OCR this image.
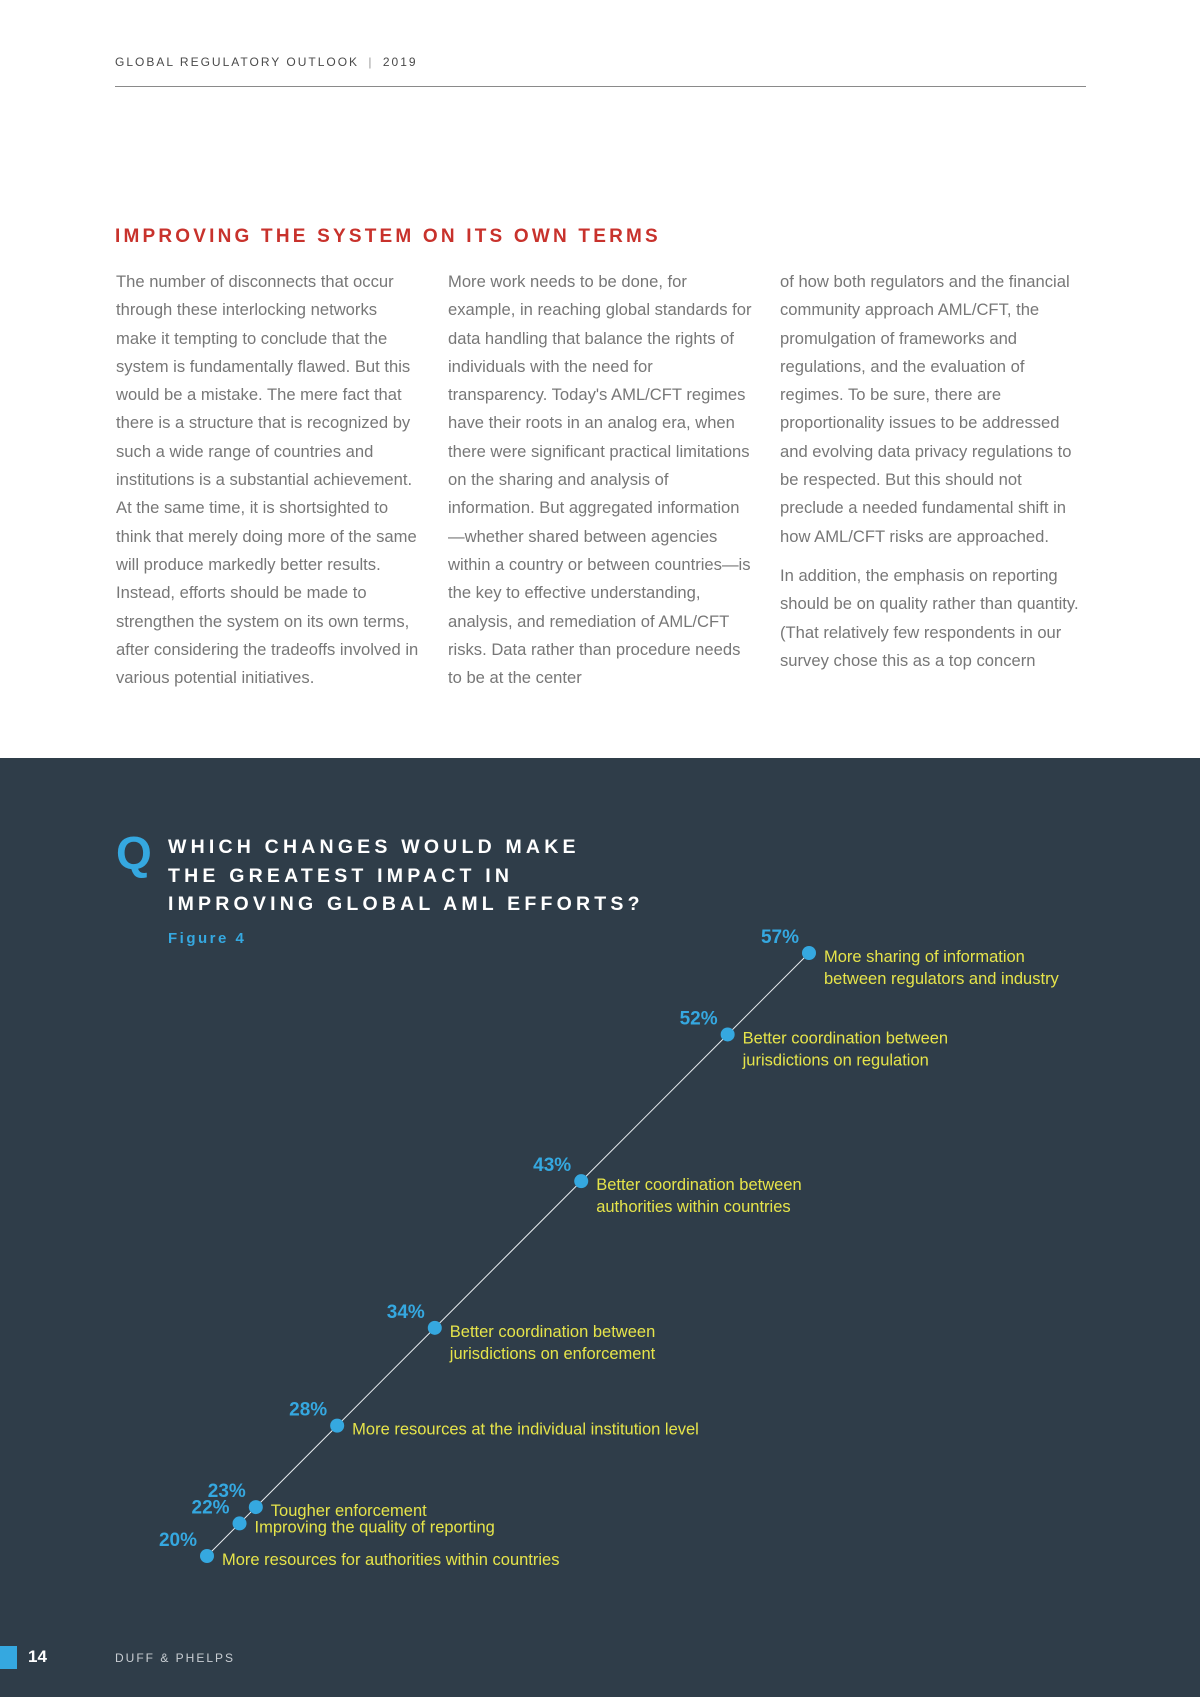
GLOBAL REGULATORY OUTLOOK | 2019
IMPROVING THE SYSTEM ON ITS OWN TERMS

The number of disconnects that occur through these interlocking networks make it tempting to conclude that the system is fundamentally flawed. But this would be a mistake. The mere fact that there is a structure that is recognized by such a wide range of countries and institutions is a substantial achievement. At the same time, it is shortsighted to think that merely doing more of the same will produce markedly better results. Instead, efforts should be made to strengthen the system on its own terms, after considering the tradeoffs involved in various potential initiatives.

More work needs to be done, for example, in reaching global standards for data handling that balance the rights of individuals with the need for transparency. Today's AML/CFT regimes have their roots in an analog era, when there were significant practical limitations on the sharing and analysis of information. But aggregated information—whether shared between agencies within a country or between countries—is the key to effective understanding, analysis, and remediation of AML/CFT risks. Data rather than procedure needs to be at the center

of how both regulators and the financial community approach AML/CFT, the promulgation of frameworks and regulations, and the evaluation of regimes. To be sure, there are proportionality issues to be addressed and evolving data privacy regulations to be respected. But this should not preclude a needed fundamental shift in how AML/CFT risks are approached.

In addition, the emphasis on reporting should be on quality rather than quantity. (That relatively few respondents in our survey chose this as a top concern

Q WHICH CHANGES WOULD MAKE
THE GREATEST IMPACT IN
IMPROVING GLOBAL AML EFFORTS?
Figure 4
20%
More resources for authorities within countries
22%
Improving the quality of reporting
23%
Tougher enforcement
28%
More resources at the individual institution level
34%
Better coordination between jurisdictions on enforcement
43%
Better coordination between authorities within countries
52%
Better coordination between jurisdictions on regulation
57%
More sharing of information between regulators and industry
14	DUFF & PHELPS
